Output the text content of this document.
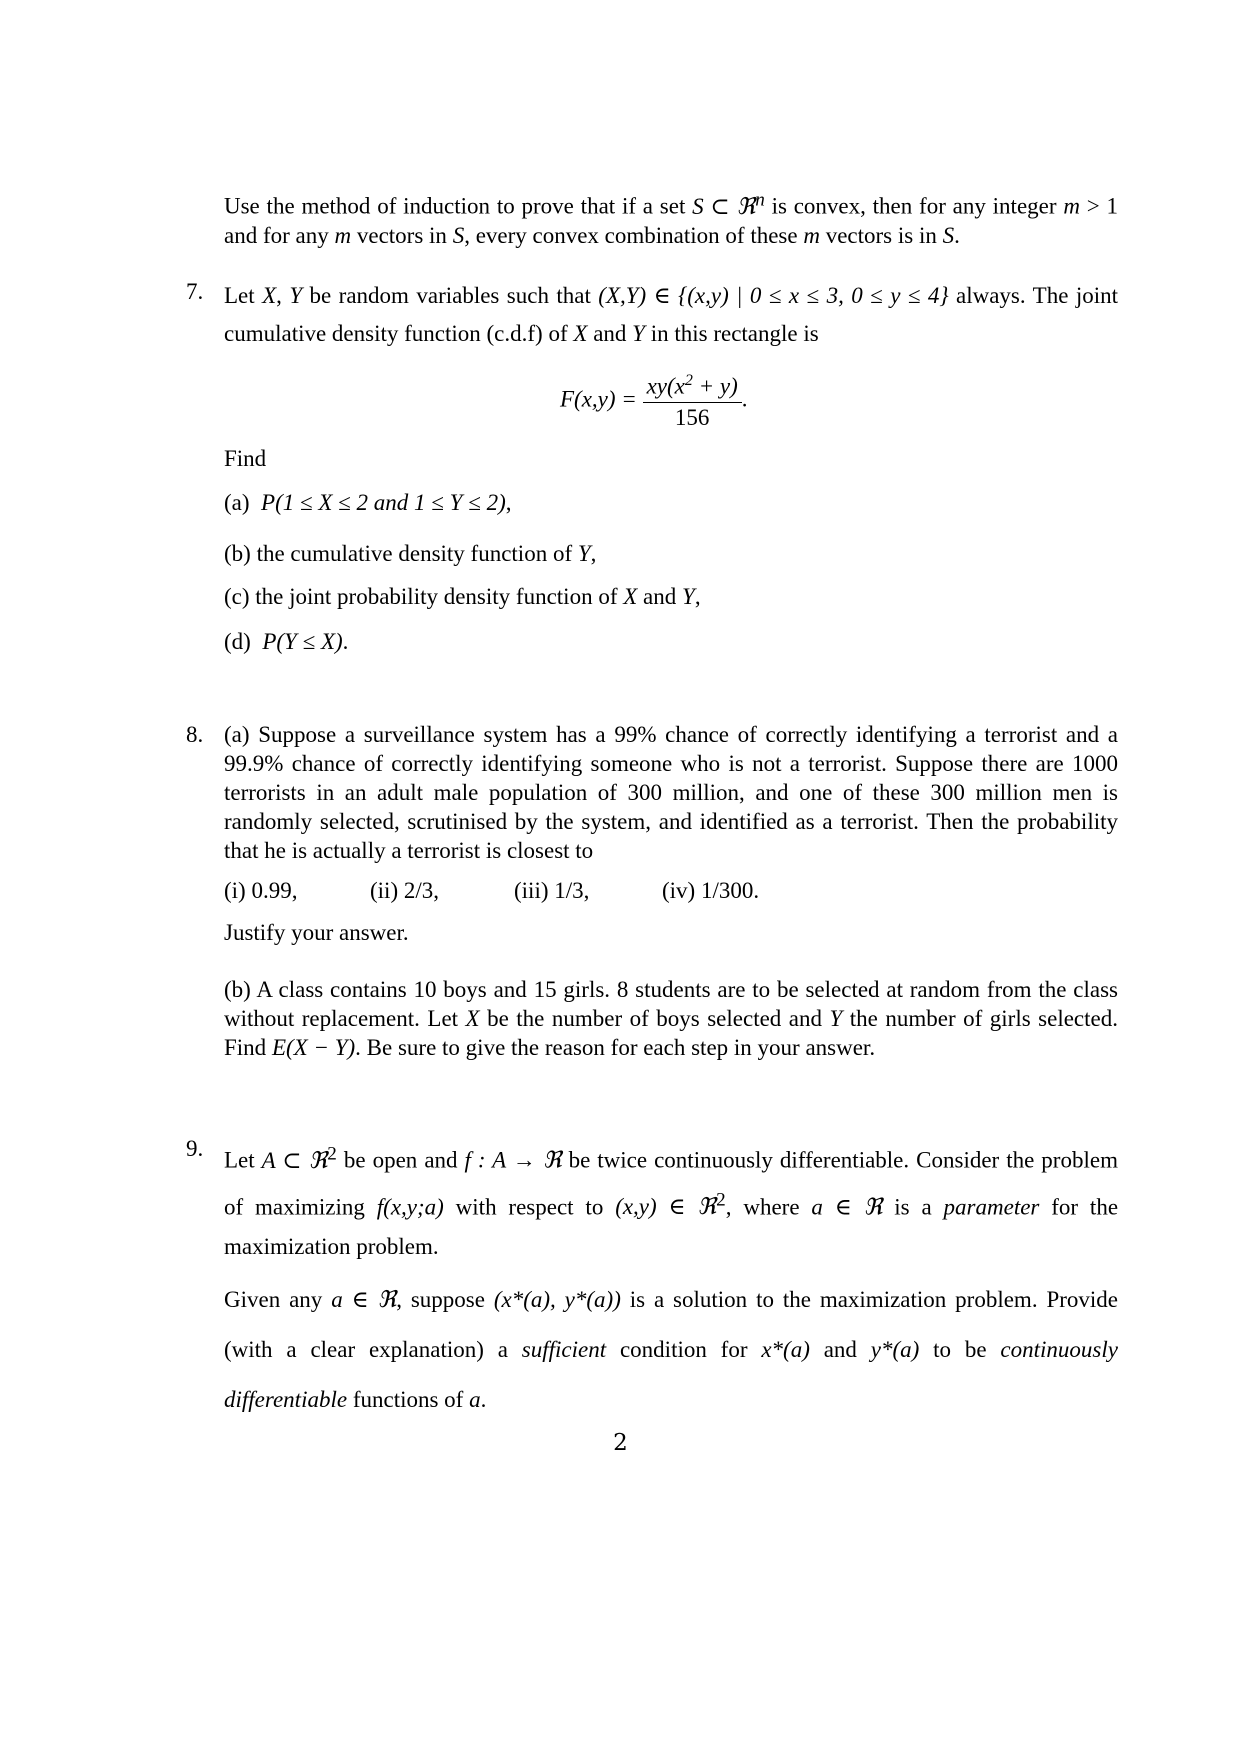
Use the method of induction to prove that if a set S ⊂ ℜ$^n$ is convex, then for any integer m > 1 and for any m vectors in S, every convex combination of these m vectors is in S.
7. Let X, Y be random variables such that (X,Y) ∈ {(x,y) | 0 ≤ x ≤ 3, 0 ≤ y ≤ 4} always. The joint cumulative density function (c.d.f) of X and Y in this rectangle is
$F(x,y) = \frac{xy(x^2 + y)}{156}$ .
Find
(a) P(1 ≤ X ≤ 2 and 1 ≤ Y ≤ 2),
(b) the cumulative density function of Y,
(c) the joint probability density function of X and Y,
(d) P(Y ≤ X).
8. (a) Suppose a surveillance system has a 99% chance of correctly identifying a terrorist and a 99.9% chance of correctly identifying someone who is not a terrorist. Suppose there are 1000 terrorists in an adult male population of 300 million, and one of these 300 million men is randomly selected, scrutinised by the system, and identified as a terrorist. Then the probability that he is actually a terrorist is closest to
(i) 0.99,	(ii) 2/3,	(iii) 1/3,	(iv) 1/300.
Justify your answer.
(b) A class contains 10 boys and 15 girls. 8 students are to be selected at random from the class without replacement. Let X be the number of boys selected and Y the number of girls selected. Find E(X − Y). Be sure to give the reason for each step in your answer.
9. Let A ⊂ ℜ$^2$ be open and f : A → ℜ be twice continuously differentiable. Consider the problem of maximizing f(x,y;a) with respect to (x,y) ∈ ℜ$^2$, where a ∈ ℜ is a parameter for the maximization problem.
Given any a ∈ ℜ, suppose (x*(a), y*(a)) is a solution to the maximization problem. Provide (with a clear explanation) a sufficient condition for x*(a) and y*(a) to be continuously differentiable functions of a.
2
